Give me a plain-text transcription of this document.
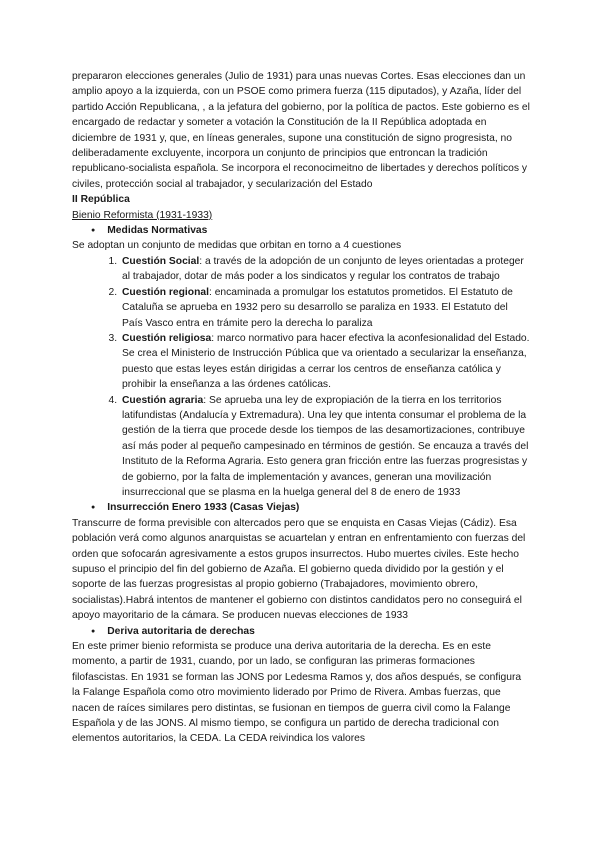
prepararon elecciones generales (Julio de 1931) para unas nuevas Cortes. Esas elecciones dan un amplio apoyo a la izquierda, con un PSOE como primera fuerza (115 diputados), y Azaña, líder del partido Acción Republicana, , a la jefatura del gobierno, por la política de pactos. Este gobierno es el encargado de redactar y someter a votación la Constitución de la II República adoptada en diciembre de 1931 y, que, en líneas generales, supone una constitución de signo progresista, no deliberadamente excluyente, incorpora un conjunto de principios que entroncan la tradición republicano-socialista española. Se incorpora el reconocimeitno de libertades y derechos políticos y civiles, protección social al trabajador, y secularización del Estado

II República

Bienio Reformista (1931-1933)

● Medidas Normativas

Se adoptan un conjunto de medidas que orbitan en torno a 4 cuestiones

1. Cuestión Social: a través de la adopción de un conjunto de leyes orientadas a proteger al trabajador, dotar de más poder a los sindicatos y regular los contratos de trabajo
2. Cuestión regional: encaminada a promulgar los estatutos prometidos. El Estatuto de Cataluña se aprueba en 1932 pero su desarrollo se paraliza en 1933. El Estatuto del País Vasco entra en trámite pero la derecha lo paraliza
3. Cuestión religiosa: marco normativo para hacer efectiva la aconfesionalidad del Estado. Se crea el Ministerio de Instrucción Pública que va orientado a secularizar la enseñanza, puesto que estas leyes están dirigidas a cerrar los centros de enseñanza católica y prohibir la enseñanza a las órdenes católicas.
4. Cuestión agraria: Se aprueba una ley de expropiación de la tierra en los territorios latifundistas (Andalucía y Extremadura). Una ley que intenta consumar el problema de la gestión de la tierra que procede desde los tiempos de las desamortizaciones, contribuye así más poder al pequeño campesinado en términos de gestión. Se encauza a través del Instituto de la Reforma Agraria. Esto genera gran fricción entre las fuerzas progresistas y de gobierno, por la falta de implementación y avances, generan una movilización insurreccional que se plasma en la huelga general del 8 de enero de 1933

● Insurrección Enero 1933 (Casas Viejas)

Transcurre de forma previsible con altercados pero que se enquista en Casas Viejas (Cádiz). Esa población verá como algunos anarquistas se acuartelan y entran en enfrentamiento con fuerzas del orden que sofocarán agresivamente a estos grupos insurrectos. Hubo muertes civiles. Este hecho supuso el principio del fin del gobierno de Azaña. El gobierno queda dividido por la gestión y el soporte de las fuerzas progresistas al propio gobierno (Trabajadores, movimiento obrero, socialistas).Habrá intentos de mantener el gobierno con distintos candidatos pero no conseguirá el apoyo mayoritario de la cámara. Se producen nuevas elecciones de 1933

● Deriva autoritaria de derechas

En este primer bienio reformista se produce una deriva autoritaria de la derecha. Es en este momento, a partir de 1931, cuando, por un lado, se configuran las primeras formaciones filofascistas. En 1931 se forman las JONS por Ledesma Ramos y, dos años después, se configura la Falange Española como otro movimiento liderado por Primo de Rivera. Ambas fuerzas, que nacen de raíces similares pero distintas, se fusionan en tiempos de guerra civil como la Falange Española y de las JONS. Al mismo tiempo, se configura un partido de derecha tradicional con elementos autoritarios, la CEDA. La CEDA reivindica los valores
